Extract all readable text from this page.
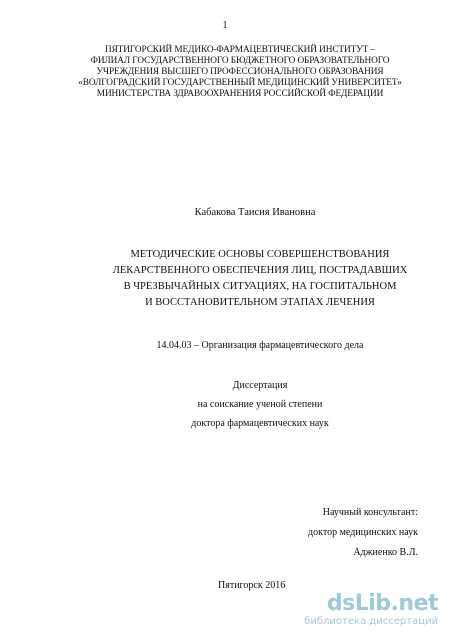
1
ПЯТИГОРСКИЙ МЕДИКО-ФАРМАЦЕВТИЧЕСКИЙ ИНСТИТУТ –
ФИЛИАЛ ГОСУДАРСТВЕННОГО БЮДЖЕТНОГО ОБРАЗОВАТЕЛЬНОГО
УЧРЕЖДЕНИЯ ВЫСШЕГО ПРОФЕССИОНАЛЬНОГО ОБРАЗОВАНИЯ
«ВОЛГОГРАДСКИЙ ГОСУДАРСТВЕННЫЙ МЕДИЦИНСКИЙ УНИВЕРСИТЕТ»
МИНИСТЕРСТВА ЗДРАВООХРАНЕНИЯ РОССИЙСКОЙ ФЕДЕРАЦИИ
Кабакова Таисия Ивановна
МЕТОДИЧЕСКИЕ ОСНОВЫ СОВЕРШЕНСТВОВАНИЯ
ЛЕКАРСТВЕННОГО ОБЕСПЕЧЕНИЯ ЛИЦ, ПОСТРАДАВШИХ
В ЧРЕЗВЫЧАЙНЫХ СИТУАЦИЯХ, НА ГОСПИТАЛЬНОМ
И ВОССТАНОВИТЕЛЬНОМ ЭТАПАХ ЛЕЧЕНИЯ
14.04.03 – Организация фармацевтического дела
Диссертация
на соискание ученой степени
доктора фармацевтических наук
Научный консультант:
доктор медицинских наук
Аджиенко В.Л.
Пятигорск 2016
dsLib.net
библиотека диссертаций
